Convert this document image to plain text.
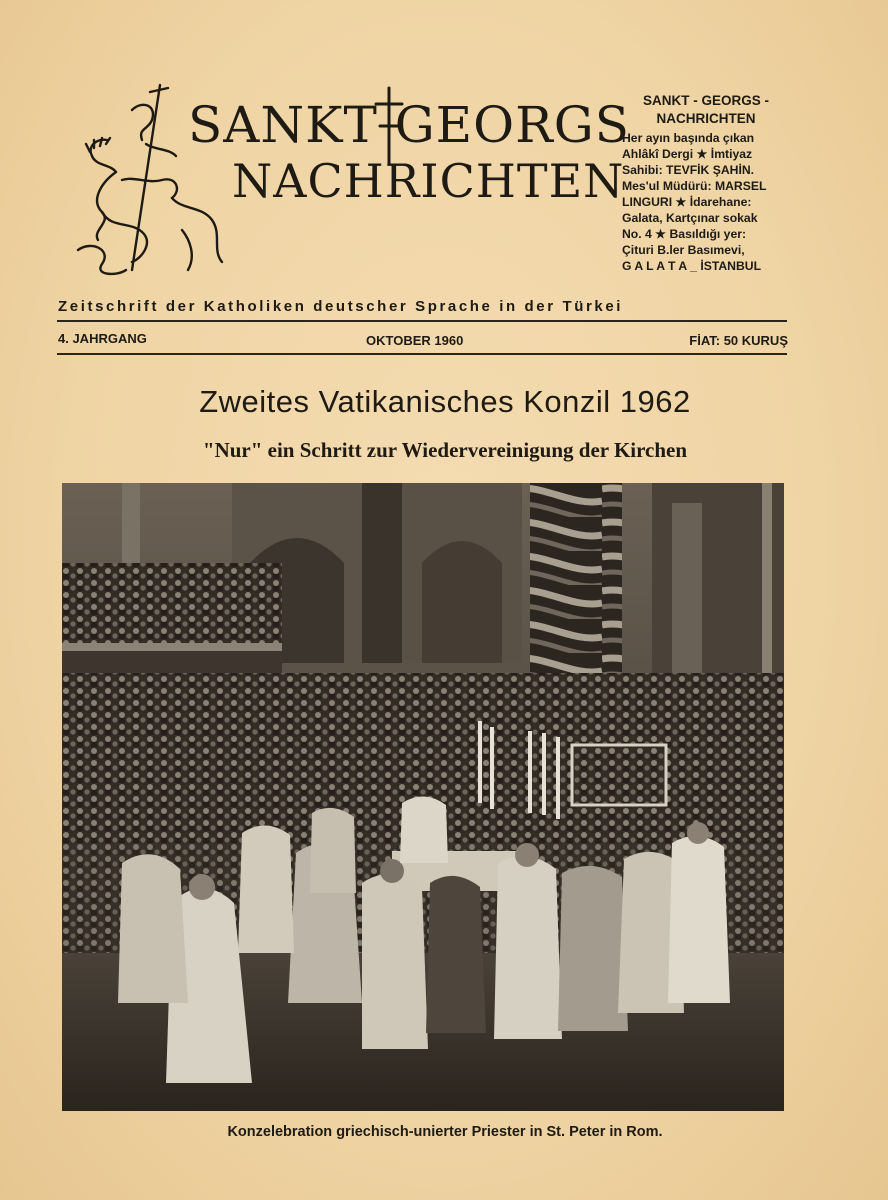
SANKT GEORGS
NACHRICHTEN
SANKT - GEORGS -
NACHRICHTEN
Her ayın başında çıkan
Ahlâkî Dergi ★ İmtiyaz
Sahibi: TEVFİK ŞAHİN.
Mes'ul Müdürü: MARSEL
LINGURI ★ İdarehane:
Galata, Kartçınar sokak
No. 4 ★ Basıldığı yer:
Çituri B.ler Basımevi,
G A L A T A _ İSTANBUL
Zeitschrift der Katholiken deutscher Sprache in der Türkei
4. JAHRGANG	OKTOBER 1960	FİAT: 50 KURUŞ
Zweites Vatikanisches Konzil 1962
"Nur" ein Schritt zur Wiedervereinigung der Kirchen
Konzelebration griechisch-unierter Priester in St. Peter in Rom.
